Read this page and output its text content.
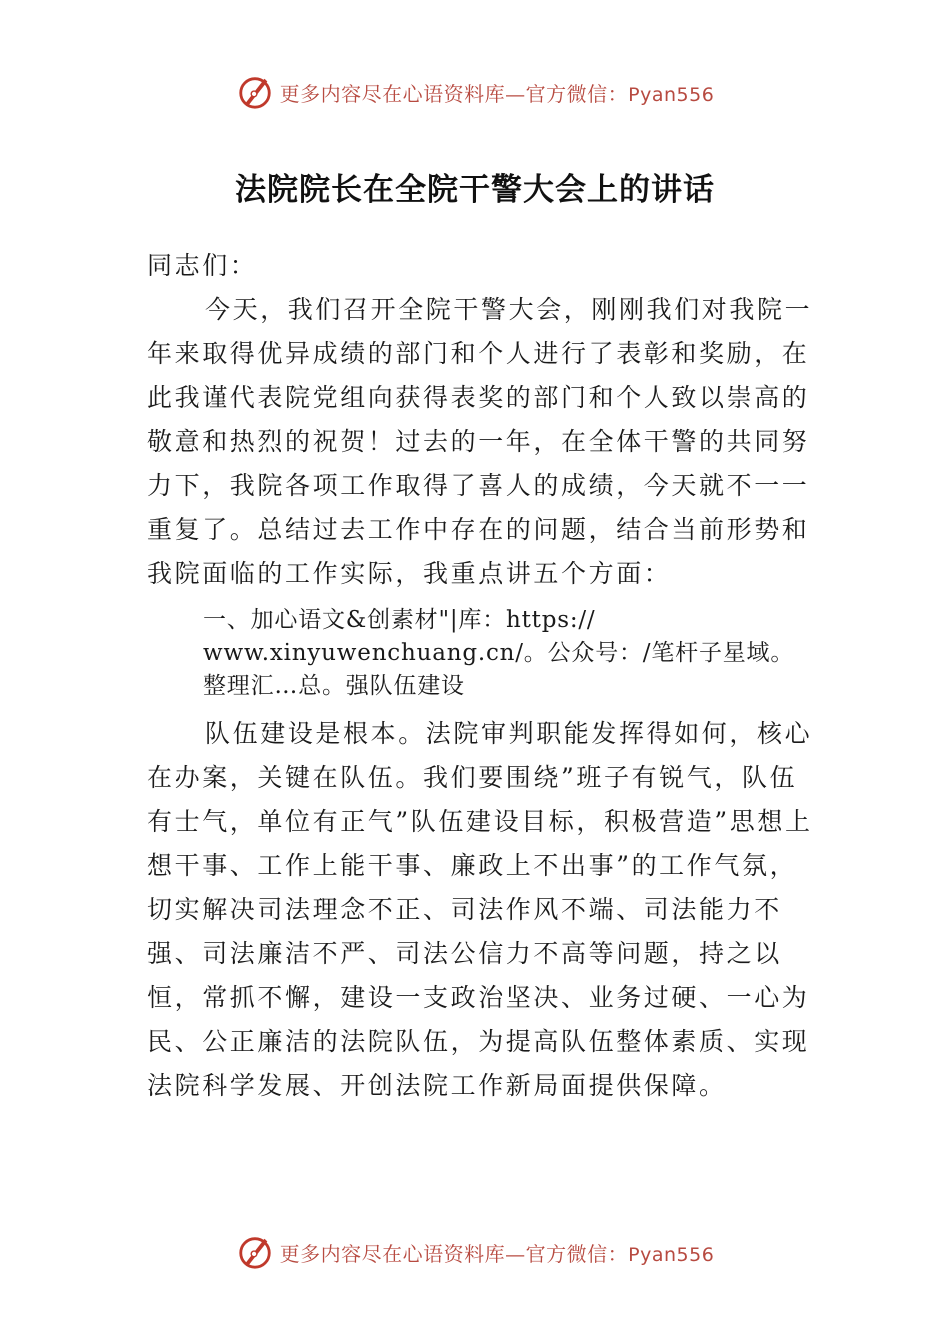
更多内容尽在心语资料库—官方微信：Pyan556
法院院长在全院干警大会上的讲话

同志们：

今天，我们召开全院干警大会，刚刚我们对我院一年来取得优异成绩的部门和个人进行了表彰和奖励，在此我谨代表院党组向获得表奖的部门和个人致以崇高的敬意和热烈的祝贺！过去的一年，在全体干警的共同努力下，我院各项工作取得了喜人的成绩，今天就不一一重复了。总结过去工作中存在的问题，结合当前形势和我院面临的工作实际，我重点讲五个方面：

一、加心语文&创素材"|库：https://
www.xinyuwenchuang.cn/。公众号：/笔杆子星域。
整理汇…总。强队伍建设

队伍建设是根本。法院审判职能发挥得如何，核心在办案，关键在队伍。我们要围绕”班子有锐气，队伍有士气，单位有正气”队伍建设目标，积极营造”思想上想干事、工作上能干事、廉政上不出事”的工作气氛，切实解决司法理念不正、司法作风不端、司法能力不强、司法廉洁不严、司法公信力不高等问题，持之以恒，常抓不懈，建设一支政治坚决、业务过硬、一心为民、公正廉洁的法院队伍，为提高队伍整体素质、实现法院科学发展、开创法院工作新局面提供保障。

更多内容尽在心语资料库—官方微信：Pyan556
